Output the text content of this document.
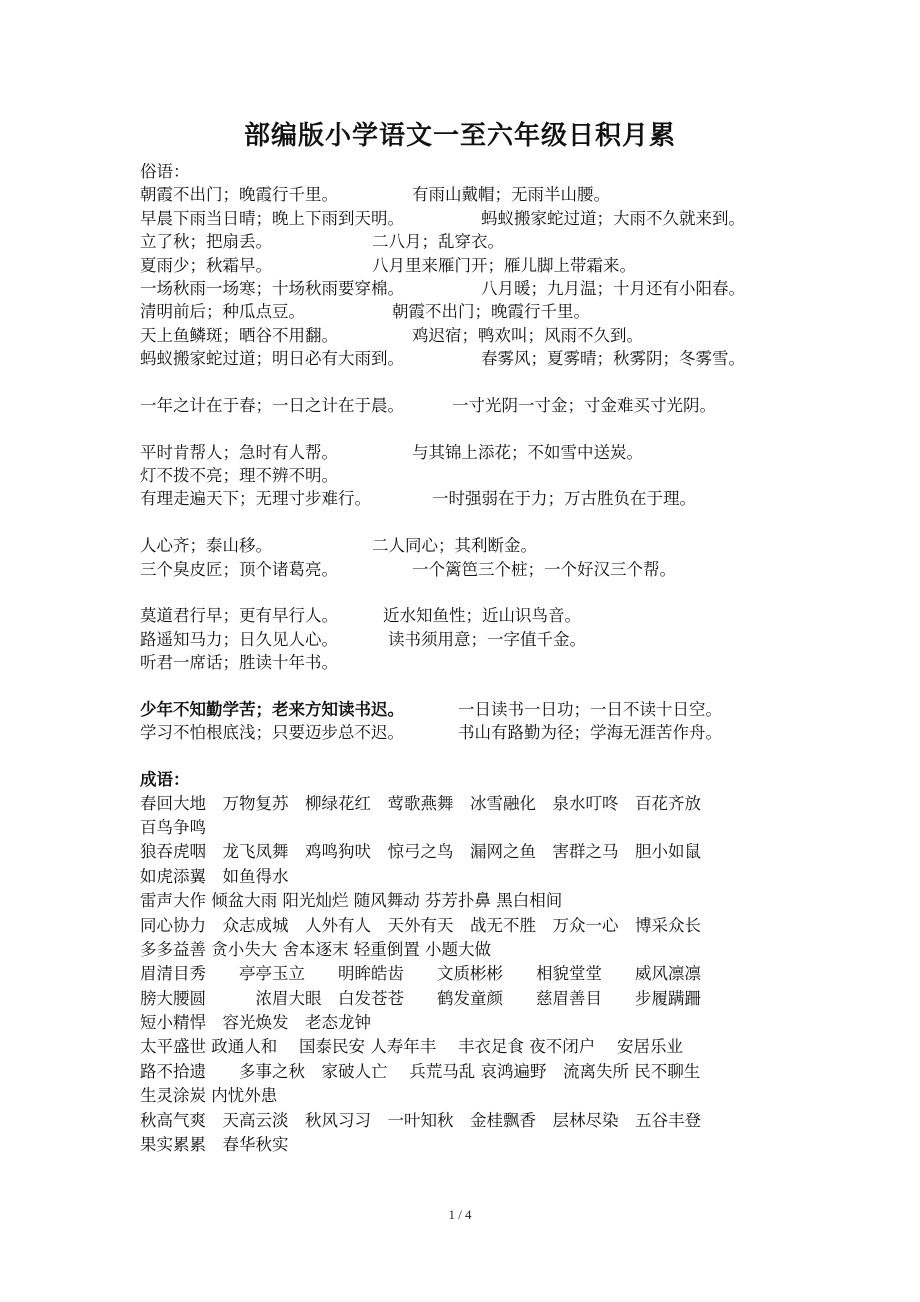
部编版小学语文一至六年级日积月累
俗语：
朝霞不出门；晚霞行千里。	有雨山戴帽；无雨半山腰。
早晨下雨当日晴；晚上下雨到天明。	蚂蚁搬家蛇过道；大雨不久就来到。
立了秋；把扇丢。	二八月；乱穿衣。
夏雨少；秋霜早。	八月里来雁门开；雁儿脚上带霜来。
一场秋雨一场寒；十场秋雨要穿棉。	八月暖；九月温；十月还有小阳春。
清明前后；种瓜点豆。	朝霞不出门；晚霞行千里。
天上鱼鳞斑；晒谷不用翻。	鸡迟宿；鸭欢叫；风雨不久到。
蚂蚁搬家蛇过道；明日必有大雨到。	春雾风；夏雾晴；秋雾阴；冬雾雪。
一年之计在于春；一日之计在于晨。	一寸光阴一寸金；寸金难买寸光阴。
平时肯帮人；急时有人帮。	与其锦上添花；不如雪中送炭。
灯不拨不亮；理不辨不明。
有理走遍天下；无理寸步难行。	一时强弱在于力；万古胜负在于理。
人心齐；泰山移。	二人同心；其利断金。
三个臭皮匠；顶个诸葛亮。	一个篱笆三个桩；一个好汉三个帮。
莫道君行早；更有早行人。	近水知鱼性；近山识鸟音。
路遥知马力；日久见人心。	读书须用意；一字值千金。
听君一席话；胜读十年书。
少年不知勤学苦；老来方知读书迟。	一日读书一日功；一日不读十日空。
学习不怕根底浅；只要迈步总不迟。	书山有路勤为径；学海无涯苦作舟。
成语：
春回大地　万物复苏　柳绿花红　莺歌燕舞　冰雪融化　泉水叮咚　百花齐放
百鸟争鸣
狼吞虎咽　龙飞凤舞　鸡鸣狗吠　惊弓之鸟　漏网之鱼　害群之马　胆小如鼠
如虎添翼　如鱼得水
雷声大作 倾盆大雨 阳光灿烂 随风舞动 芬芳扑鼻 黑白相间
同心协力　众志成城　人外有人　天外有天　战无不胜　万众一心　博采众长
多多益善 贪小失大 舍本逐末 轻重倒置 小题大做
眉清目秀　　亭亭玉立　　明眸皓齿　　文质彬彬　　相貌堂堂　　威风凛凛
膀大腰圆　　　浓眉大眼　白发苍苍　　鹤发童颜　　慈眉善目　　步履蹒跚
短小精悍　容光焕发　老态龙钟
太平盛世 政通人和　 国泰民安 人寿年丰　 丰衣足食 夜不闭户　 安居乐业
路不拾遗　　多事之秋　家破人亡　 兵荒马乱 哀鸿遍野　流离失所 民不聊生
生灵涂炭 内忧外患
秋高气爽　天高云淡　秋风习习　一叶知秋　金桂飘香　层林尽染　五谷丰登
果实累累　春华秋实
1 / 4
